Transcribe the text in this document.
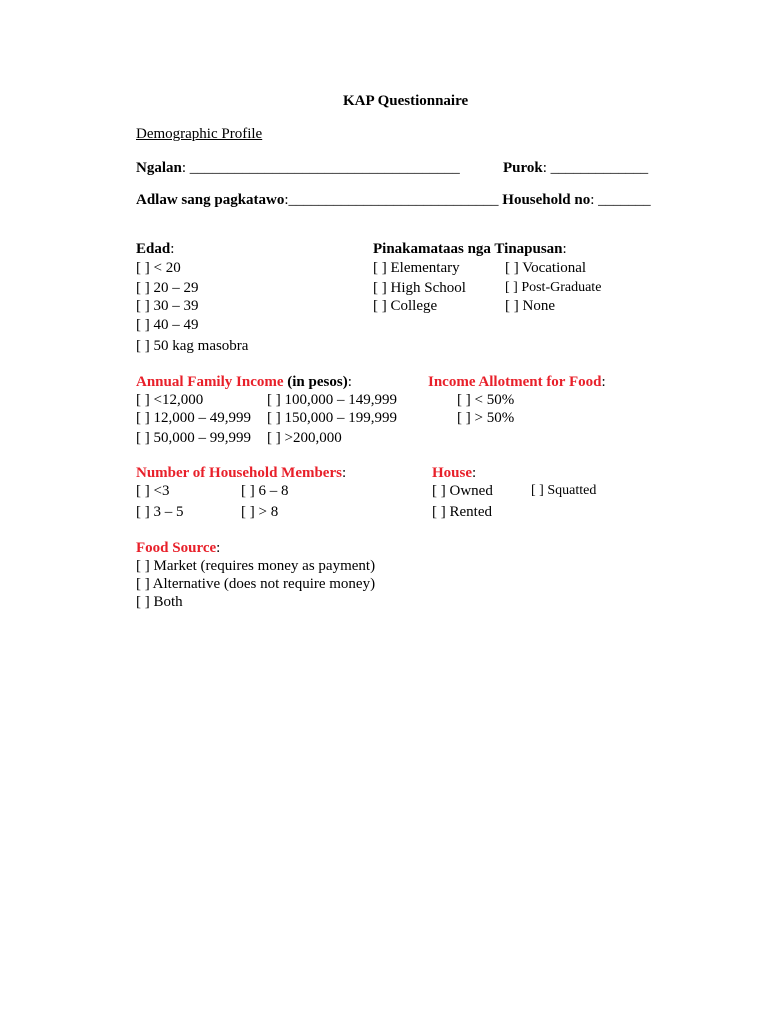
KAP Questionnaire
Demographic Profile
Ngalan: ____________________________________	Purok: _____________
Adlaw sang pagkatawo:____________________________ Household no: _______
Edad:
[ ] < 20
[ ] 20 – 29
[ ] 30 – 39
[ ] 40 – 49
[ ] 50 kag masobra
Pinakamataas nga Tinapusan:
[ ] Elementary
[ ] High School
[ ] College
[ ] Vocational
[ ] Post-Graduate
[ ] None
Annual Family Income (in pesos):
[ ] <12,000
[ ] 12,000 – 49,999
[ ] 50,000 – 99,999
[ ] 100,000 – 149,999
[ ] 150,000 – 199,999
[ ] >200,000
Income Allotment for Food:
[ ] < 50%
[ ] > 50%
Number of Household Members:
[ ] <3
[ ] 3 – 5
[ ] 6 – 8
[ ] > 8
House:
[ ] Owned
[ ] Rented
[ ] Squatted
Food Source:
[ ] Market (requires money as payment)
[ ] Alternative (does not require money)
[ ] Both
